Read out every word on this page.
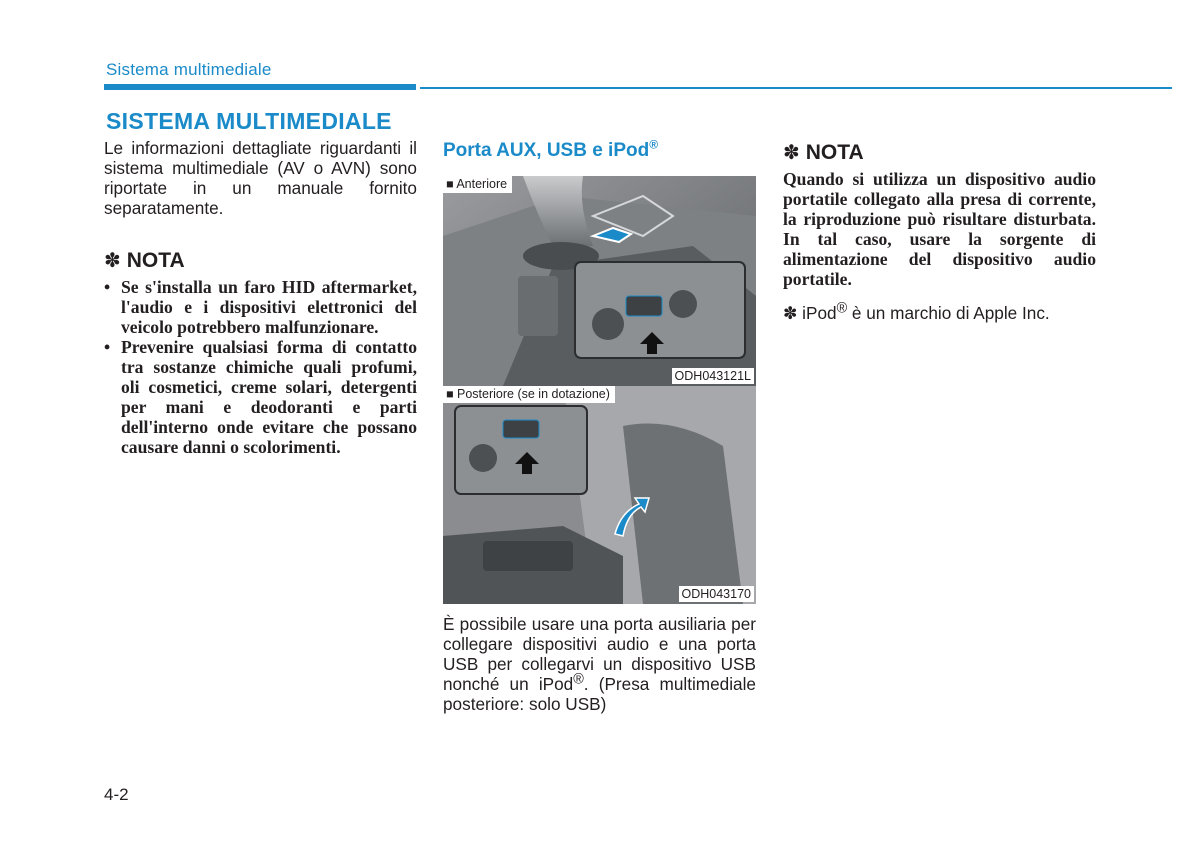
Sistema multimediale
SISTEMA MULTIMEDIALE

Le informazioni dettagliate riguardanti il sistema multimediale (AV o AVN) sono riportate in un manuale fornito separatamente.

✽ NOTA

• Se s'installa un faro HID aftermarket, l'audio e i dispositivi elettronici del veicolo potrebbero malfunzionare.
• Prevenire qualsiasi forma di contatto tra sostanze chimiche quali profumi, oli cosmetici, creme solari, detergenti per mani e deodoranti e parti dell'interno onde evitare che possano causare danni o scolorimenti.

Porta AUX, USB e iPod®

■ Anteriore
ODH043121L
■ Posteriore (se in dotazione)
ODH043170

È possibile usare una porta ausiliaria per collegare dispositivi audio e una porta USB per collegarvi un dispositivo USB nonché un iPod®. (Presa multimediale posteriore: solo USB)

✽ NOTA

Quando si utilizza un dispositivo audio portatile collegato alla presa di corrente, la riproduzione può risultare disturbata. In tal caso, usare la sorgente di alimentazione del dispositivo audio portatile.

✽ iPod® è un marchio di Apple Inc.

4-2
